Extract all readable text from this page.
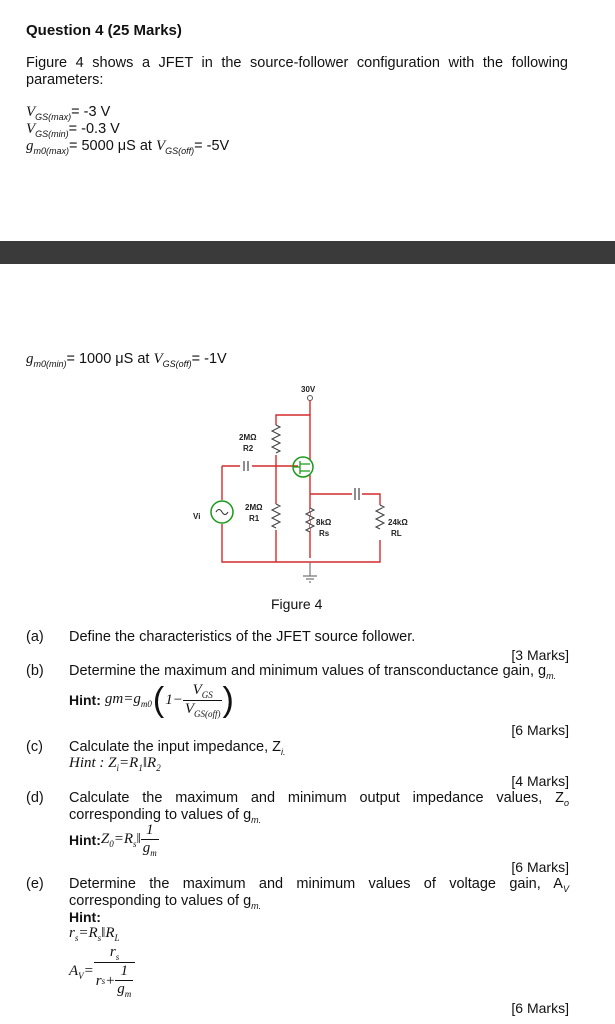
Question 4 (25 Marks)
Figure 4 shows a JFET in the source-follower configuration with the following
parameters:
$V_{GS(max)}= -3$ V
$V_{GS(min)}= -0.3$ V
$g_{m0(max)}= 5000$ μS at $V_{GS(off)}= -5V$
$g_{m0(min)}= 1000$ μS at $V_{GS(off)}= -1V$
30V
2MΩ
R2
2MΩ
R1	8kΩ
Rs
24kΩ
RL
Vi
Figure 4
(a) Define the characteristics of the JFET source follower.
[3 Marks]
(b) Determine the maximum and minimum values of transconductance gain, $g_{m.}$
Hint: $gm=g_{m0}$ ( $1- \frac{V_{GS}}{V_{GS(off)}}$ )
[6 Marks]
(c) Calculate the input impedance, $Z_{i.}$
Hint : $Z_i=R_1‖R_2$
[4 Marks]
(d) Calculate the maximum and minimum output impedance values, $Z_o$
corresponding to values of $g_{m.}$
Hint: $Z_0=R_s‖ \frac{1}{g_m}$
[6 Marks]
(e) Determine the maximum and minimum values of voltage gain, $A_V$
corresponding to values of $g_{m.}$
Hint:
$r_s=R_s‖R_L$
$A_V= \frac{r_s}{r s + \frac{1}{g_m}}$
[6 Marks]
